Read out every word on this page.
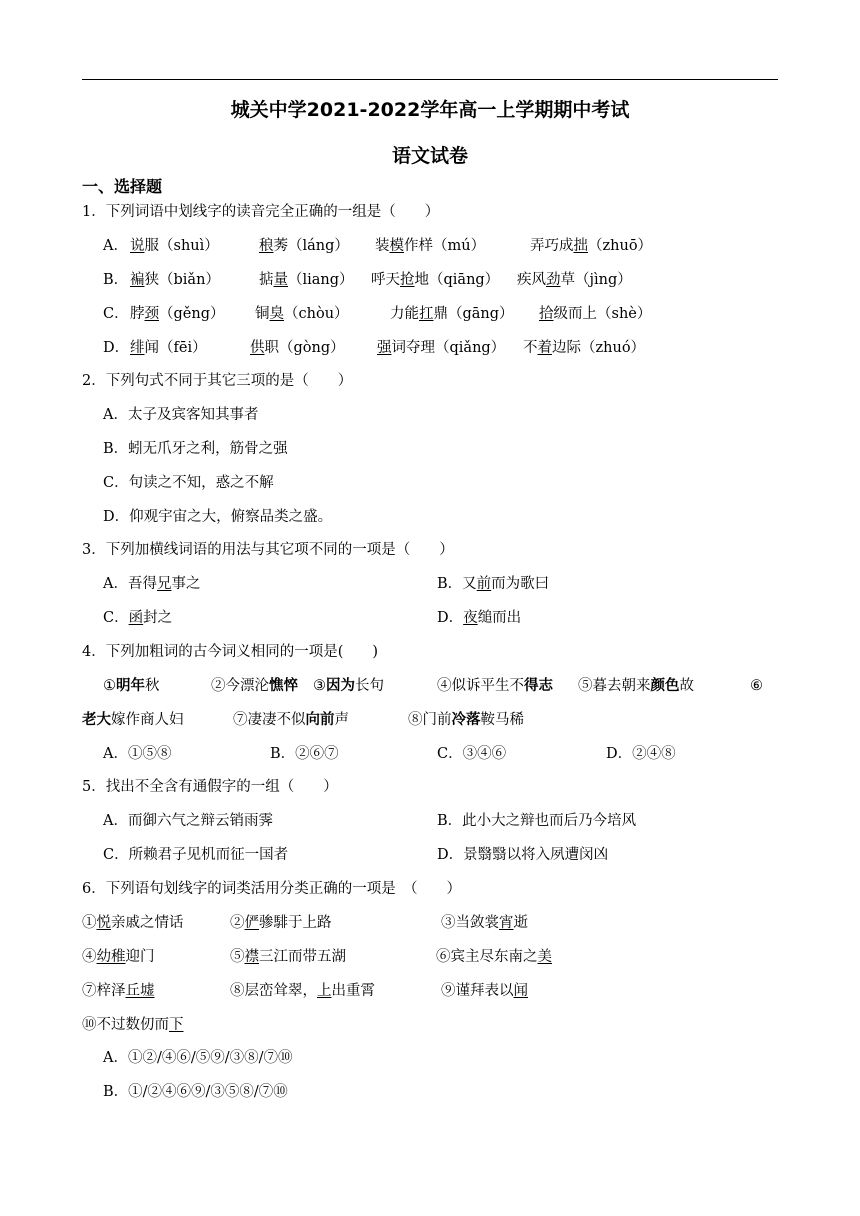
城关中学2021-2022学年高一上学期期中考试
语文试卷
一、选择题
1．下列词语中划线字的读音完全正确的一组是（　　）
A． 说服（shuì）	稂莠（láng） 装模作样（mú）	弄巧成拙（zhuō）
B． 褊狭（biǎn）	掂量（liang） 呼天抢地（qiāng） 疾风劲草（jìng）
C． 脖颈（gěng） 铜臭（chòu）	力能扛鼎（gāng） 拾级而上（shè）
D． 绯闻（fēi）	供职（gòng） 强词夺理（qiǎng） 不着边际（zhuó）
2．下列句式不同于其它三项的是（　　）
A．太子及宾客知其事者
B．蚓无爪牙之利，筋骨之强
C．句读之不知，惑之不解
D．仰观宇宙之大，俯察品类之盛。
3．下列加横线词语的用法与其它项不同的一项是（　　）
A．吾得兄事之	B．又前而为歌曰
C．函封之	D．夜缒而出
4．下列加粗词的古今词义相同的一项是(　　)
①明年秋	②今漂沦憔悴 ③因为长句	④似诉平生不得志 ⑤暮去朝来颜色故	⑥
老大嫁作商人妇	⑦凄凄不似向前声	⑧门前冷落鞍马稀
A．①⑤⑧	B．②⑥⑦	C．③④⑥	D．②④⑧
5．找出不全含有通假字的一组（　　）
A．而御六气之辩云销雨霁	B．此小大之辩也而后乃今培风
C．所赖君子见机而征一国者	D．景翳翳以将入夙遭闵凶
6．下列语句划线字的词类活用分类正确的一项是　（　　）
①悦亲戚之情话	②俨骖騑于上路	③当敛裳宵逝
④幼稚迎门	⑤襟三江而带五湖	⑥宾主尽东南之美
⑦梓泽丘墟	⑧层峦耸翠，上出重霄	⑨谨拜表以闻
⑩不过数仞而下
A．①②/④⑥/⑤⑨/③⑧/⑦⑩
B．①/②④⑥⑨/③⑤⑧/⑦⑩
